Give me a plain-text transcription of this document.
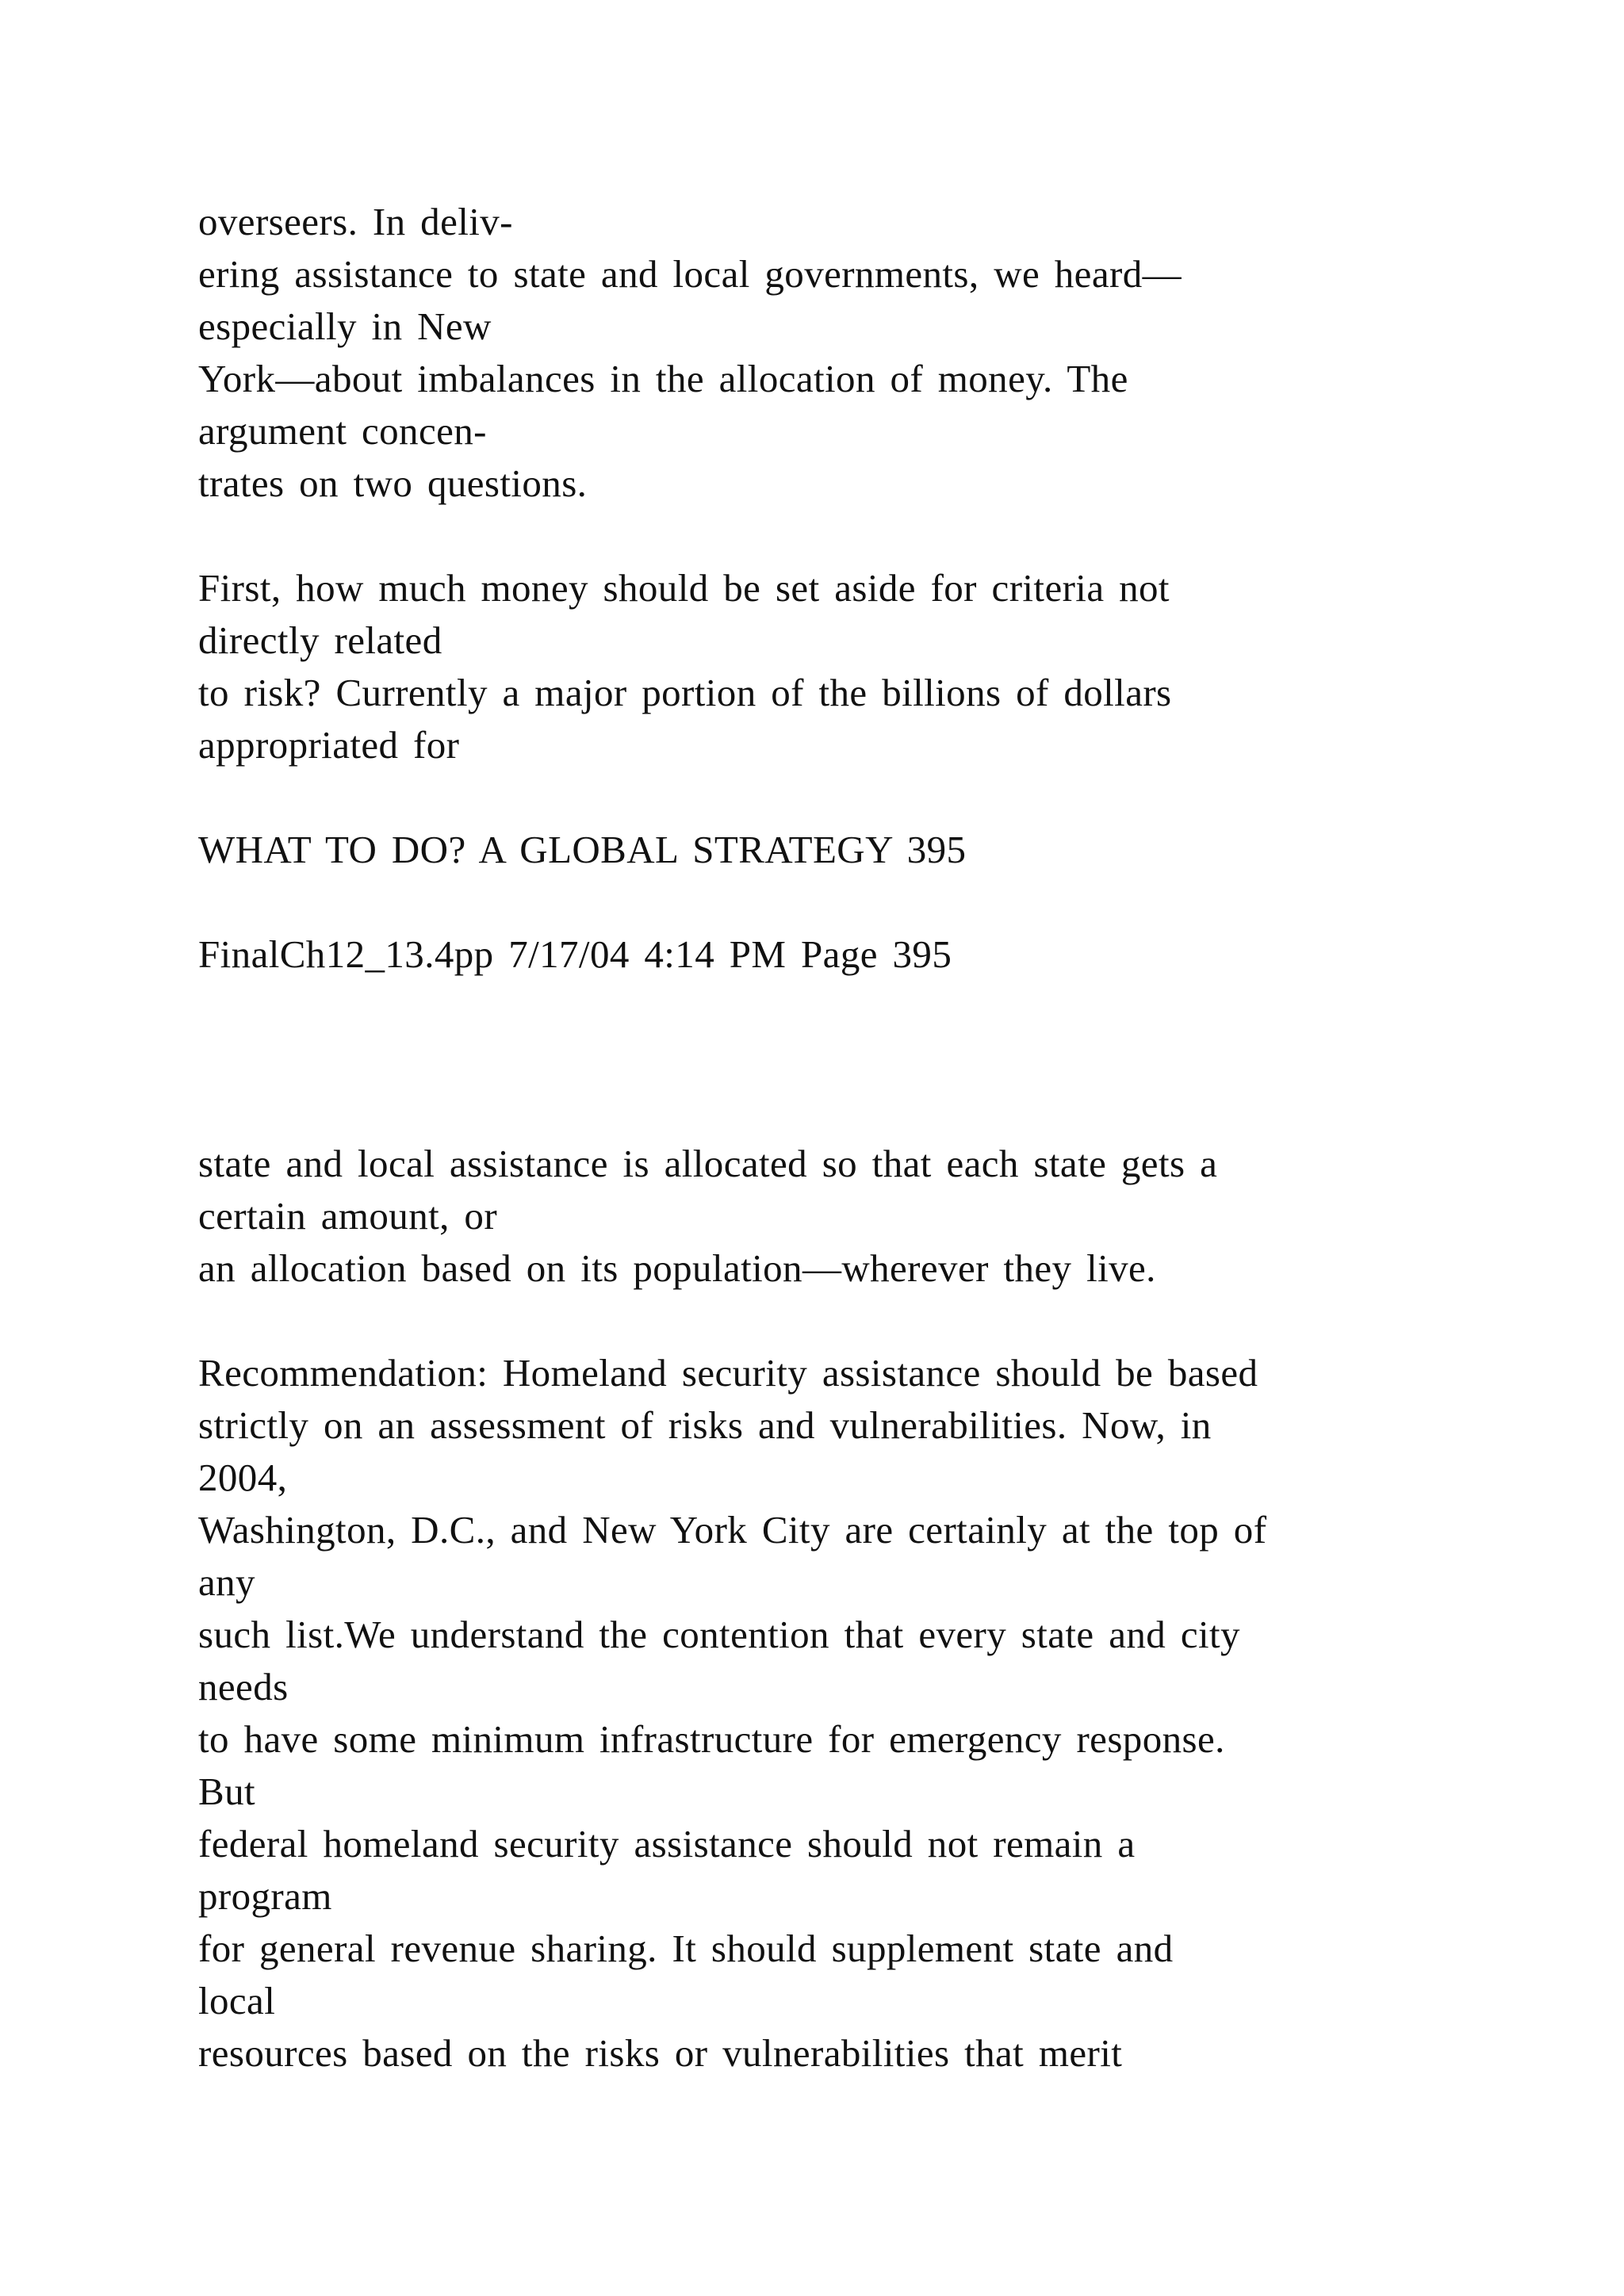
overseers. In deliv-

ering assistance to state and local governments, we heard—

especially in New

York—about imbalances in the allocation of money. The

argument concen-

trates on two questions.

First, how much money should be set aside for criteria not

directly related

to risk? Currently a major portion of the billions of dollars

appropriated for

WHAT TO DO? A GLOBAL STRATEGY 395

FinalCh12_13.4pp 7/17/04 4:14 PM Page 395

state and local assistance is allocated so that each state gets a

certain amount, or

an allocation based on its population—wherever they live.

Recommendation: Homeland security assistance should be based

strictly on an assessment of risks and vulnerabilities. Now, in

2004,

Washington, D.C., and New York City are certainly at the top of

any

such list.We understand the contention that every state and city

needs

to have some minimum infrastructure for emergency response.

But

federal homeland security assistance should not remain a

program

for general revenue sharing. It should supplement state and

local

resources based on the risks or vulnerabilities that merit
